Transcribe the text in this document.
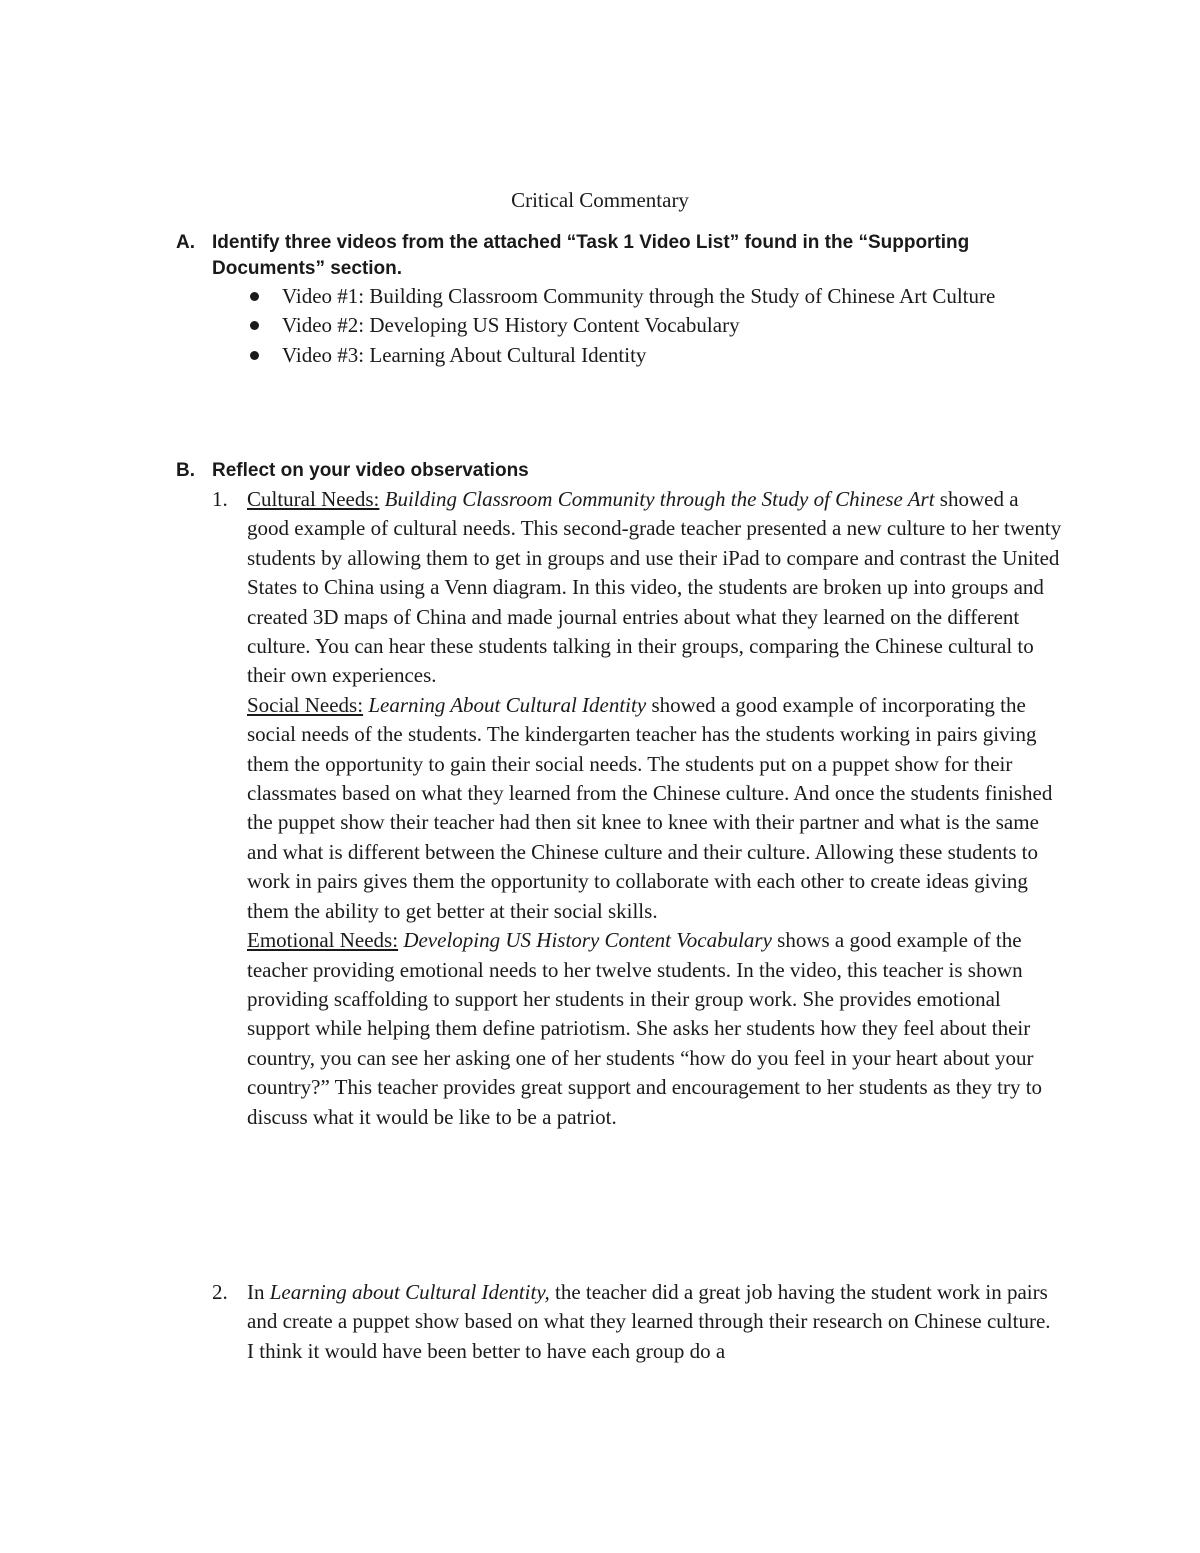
Critical Commentary
A. Identify three videos from the attached “Task 1 Video List” found in the “Supporting Documents” section.
Video #1: Building Classroom Community through the Study of Chinese Art Culture
Video #2: Developing US History Content Vocabulary
Video #3: Learning About Cultural Identity
B. Reflect on your video observations
1. Cultural Needs: Building Classroom Community through the Study of Chinese Art showed a good example of cultural needs. This second-grade teacher presented a new culture to her twenty students by allowing them to get in groups and use their iPad to compare and contrast the United States to China using a Venn diagram. In this video, the students are broken up into groups and created 3D maps of China and made journal entries about what they learned on the different culture. You can hear these students talking in their groups, comparing the Chinese cultural to their own experiences.
Social Needs: Learning About Cultural Identity showed a good example of incorporating the social needs of the students. The kindergarten teacher has the students working in pairs giving them the opportunity to gain their social needs. The students put on a puppet show for their classmates based on what they learned from the Chinese culture. And once the students finished the puppet show their teacher had then sit knee to knee with their partner and what is the same and what is different between the Chinese culture and their culture. Allowing these students to work in pairs gives them the opportunity to collaborate with each other to create ideas giving them the ability to get better at their social skills.
Emotional Needs: Developing US History Content Vocabulary shows a good example of the teacher providing emotional needs to her twelve students. In the video, this teacher is shown providing scaffolding to support her students in their group work. She provides emotional support while helping them define patriotism. She asks her students how they feel about their country, you can see her asking one of her students “how do you feel in your heart about your country?” This teacher provides great support and encouragement to her students as they try to discuss what it would be like to be a patriot.
2. In Learning about Cultural Identity, the teacher did a great job having the student work in pairs and create a puppet show based on what they learned through their research on Chinese culture. I think it would have been better to have each group do a
